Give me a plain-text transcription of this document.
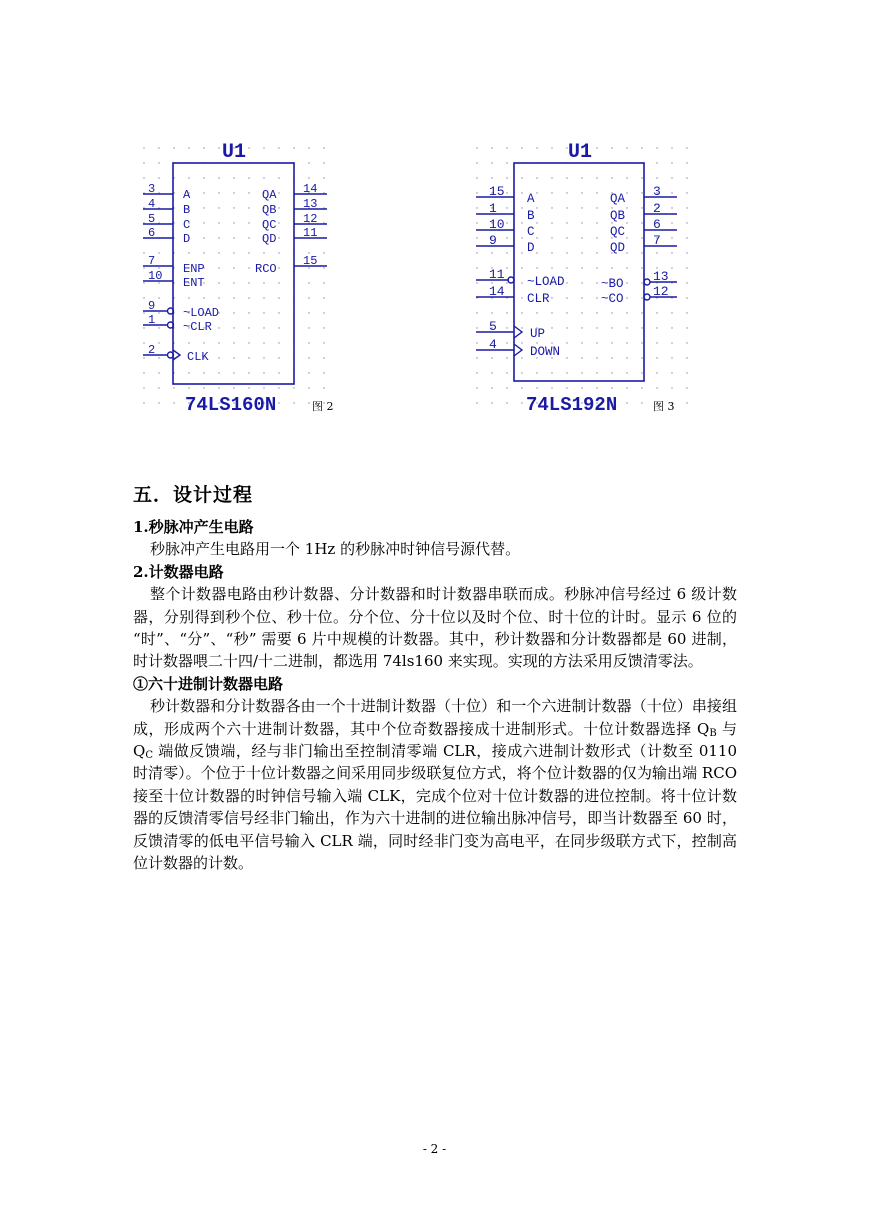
U1
3 A
4 B
5 C
6 D
7
ENP
10 ENT
9 ~LOAD
1 ~CLR
2	CLK
14
QA
13
QB
12
QC
11
QD
15
RCO
74LS160N	图 2
U1
15 A
1 B
10 C
9 D
11 ~LOAD
14 CLR
5	UP
4	DOWN
3
QA
2
QB
6
QC
7
QD
13
~BO 12
~CO
74LS192N	图 3
五．设计过程

1.秒脉冲产生电路

秒脉冲产生电路用一个 1Hz 的秒脉冲时钟信号源代替。

2.计数器电路

整个计数器电路由秒计数器、分计数器和时计数器串联而成。秒脉冲信号经过 6 级计数器，分别得到秒个位、秒十位。分个位、分十位以及时个位、时十位的计时。显示 6 位的 “时”、“分”、“秒” 需要 6 片中规模的计数器。其中，秒计数器和分计数器都是 60 进制，时计数器喂二十四/十二进制，都选用 74ls160 来实现。实现的方法采用反馈清零法。

①六十进制计数器电路

秒计数器和分计数器各由一个十进制计数器（十位）和一个六进制计数器（十位）串接组成，形成两个六十进制计数器，其中个位奇数器接成十进制形式。十位计数器选择 $Q_B$ 与 $Q_C$ 端做反馈端，经与非门输出至控制清零端 CLR，接成六进制计数形式（计数至 0110 时清零）。个位于十位计数器之间采用同步级联复位方式，将个位计数器的仅为输出端 RCO 接至十位计数器的时钟信号输入端 CLK，完成个位对十位计数器的进位控制。将十位计数器的反馈清零信号经非门输出，作为六十进制的进位输出脉冲信号，即当计数器至 60 时，反馈清零的低电平信号输入 CLR 端，同时经非门变为高电平，在同步级联方式下，控制高位计数器的计数。

- 2 -
